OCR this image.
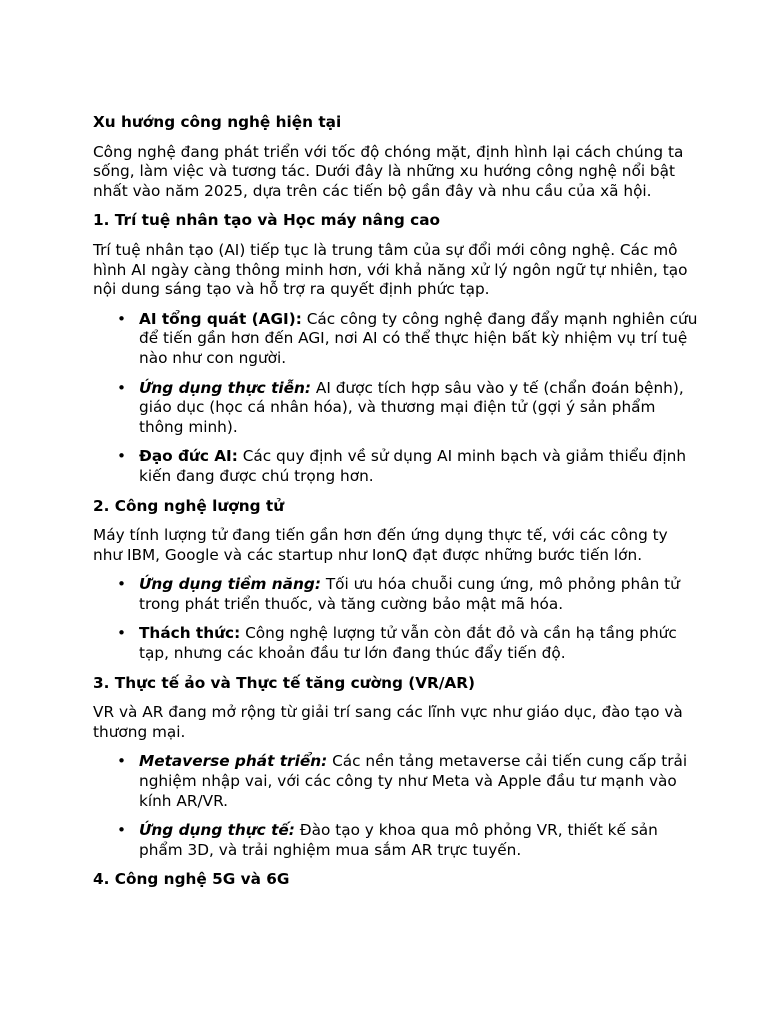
Xu hướng công nghệ hiện tại

Công nghệ đang phát triển với tốc độ chóng mặt, định hình lại cách chúng ta sống, làm việc và tương tác. Dưới đây là những xu hướng công nghệ nổi bật nhất vào năm 2025, dựa trên các tiến bộ gần đây và nhu cầu của xã hội.

1. Trí tuệ nhân tạo và Học máy nâng cao

Trí tuệ nhân tạo (AI) tiếp tục là trung tâm của sự đổi mới công nghệ. Các mô hình AI ngày càng thông minh hơn, với khả năng xử lý ngôn ngữ tự nhiên, tạo nội dung sáng tạo và hỗ trợ ra quyết định phức tạp.

• AI tổng quát (AGI): Các công ty công nghệ đang đẩy mạnh nghiên cứu để tiến gần hơn đến AGI, nơi AI có thể thực hiện bất kỳ nhiệm vụ trí tuệ nào như con người.
• Ứng dụng thực tiễn: AI được tích hợp sâu vào y tế (chẩn đoán bệnh), giáo dục (học cá nhân hóa), và thương mại điện tử (gợi ý sản phẩm thông minh).
• Đạo đức AI: Các quy định về sử dụng AI minh bạch và giảm thiểu định kiến đang được chú trọng hơn.
2. Công nghệ lượng tử

Máy tính lượng tử đang tiến gần hơn đến ứng dụng thực tế, với các công ty như IBM, Google và các startup như IonQ đạt được những bước tiến lớn.

• Ứng dụng tiềm năng: Tối ưu hóa chuỗi cung ứng, mô phỏng phân tử trong phát triển thuốc, và tăng cường bảo mật mã hóa.
• Thách thức: Công nghệ lượng tử vẫn còn đắt đỏ và cần hạ tầng phức tạp, nhưng các khoản đầu tư lớn đang thúc đẩy tiến độ.
3. Thực tế ảo và Thực tế tăng cường (VR/AR)

VR và AR đang mở rộng từ giải trí sang các lĩnh vực như giáo dục, đào tạo và thương mại.

• Metaverse phát triển: Các nền tảng metaverse cải tiến cung cấp trải nghiệm nhập vai, với các công ty như Meta và Apple đầu tư mạnh vào kính AR/VR.
• Ứng dụng thực tế: Đào tạo y khoa qua mô phỏng VR, thiết kế sản phẩm 3D, và trải nghiệm mua sắm AR trực tuyến.
4. Công nghệ 5G và 6G
